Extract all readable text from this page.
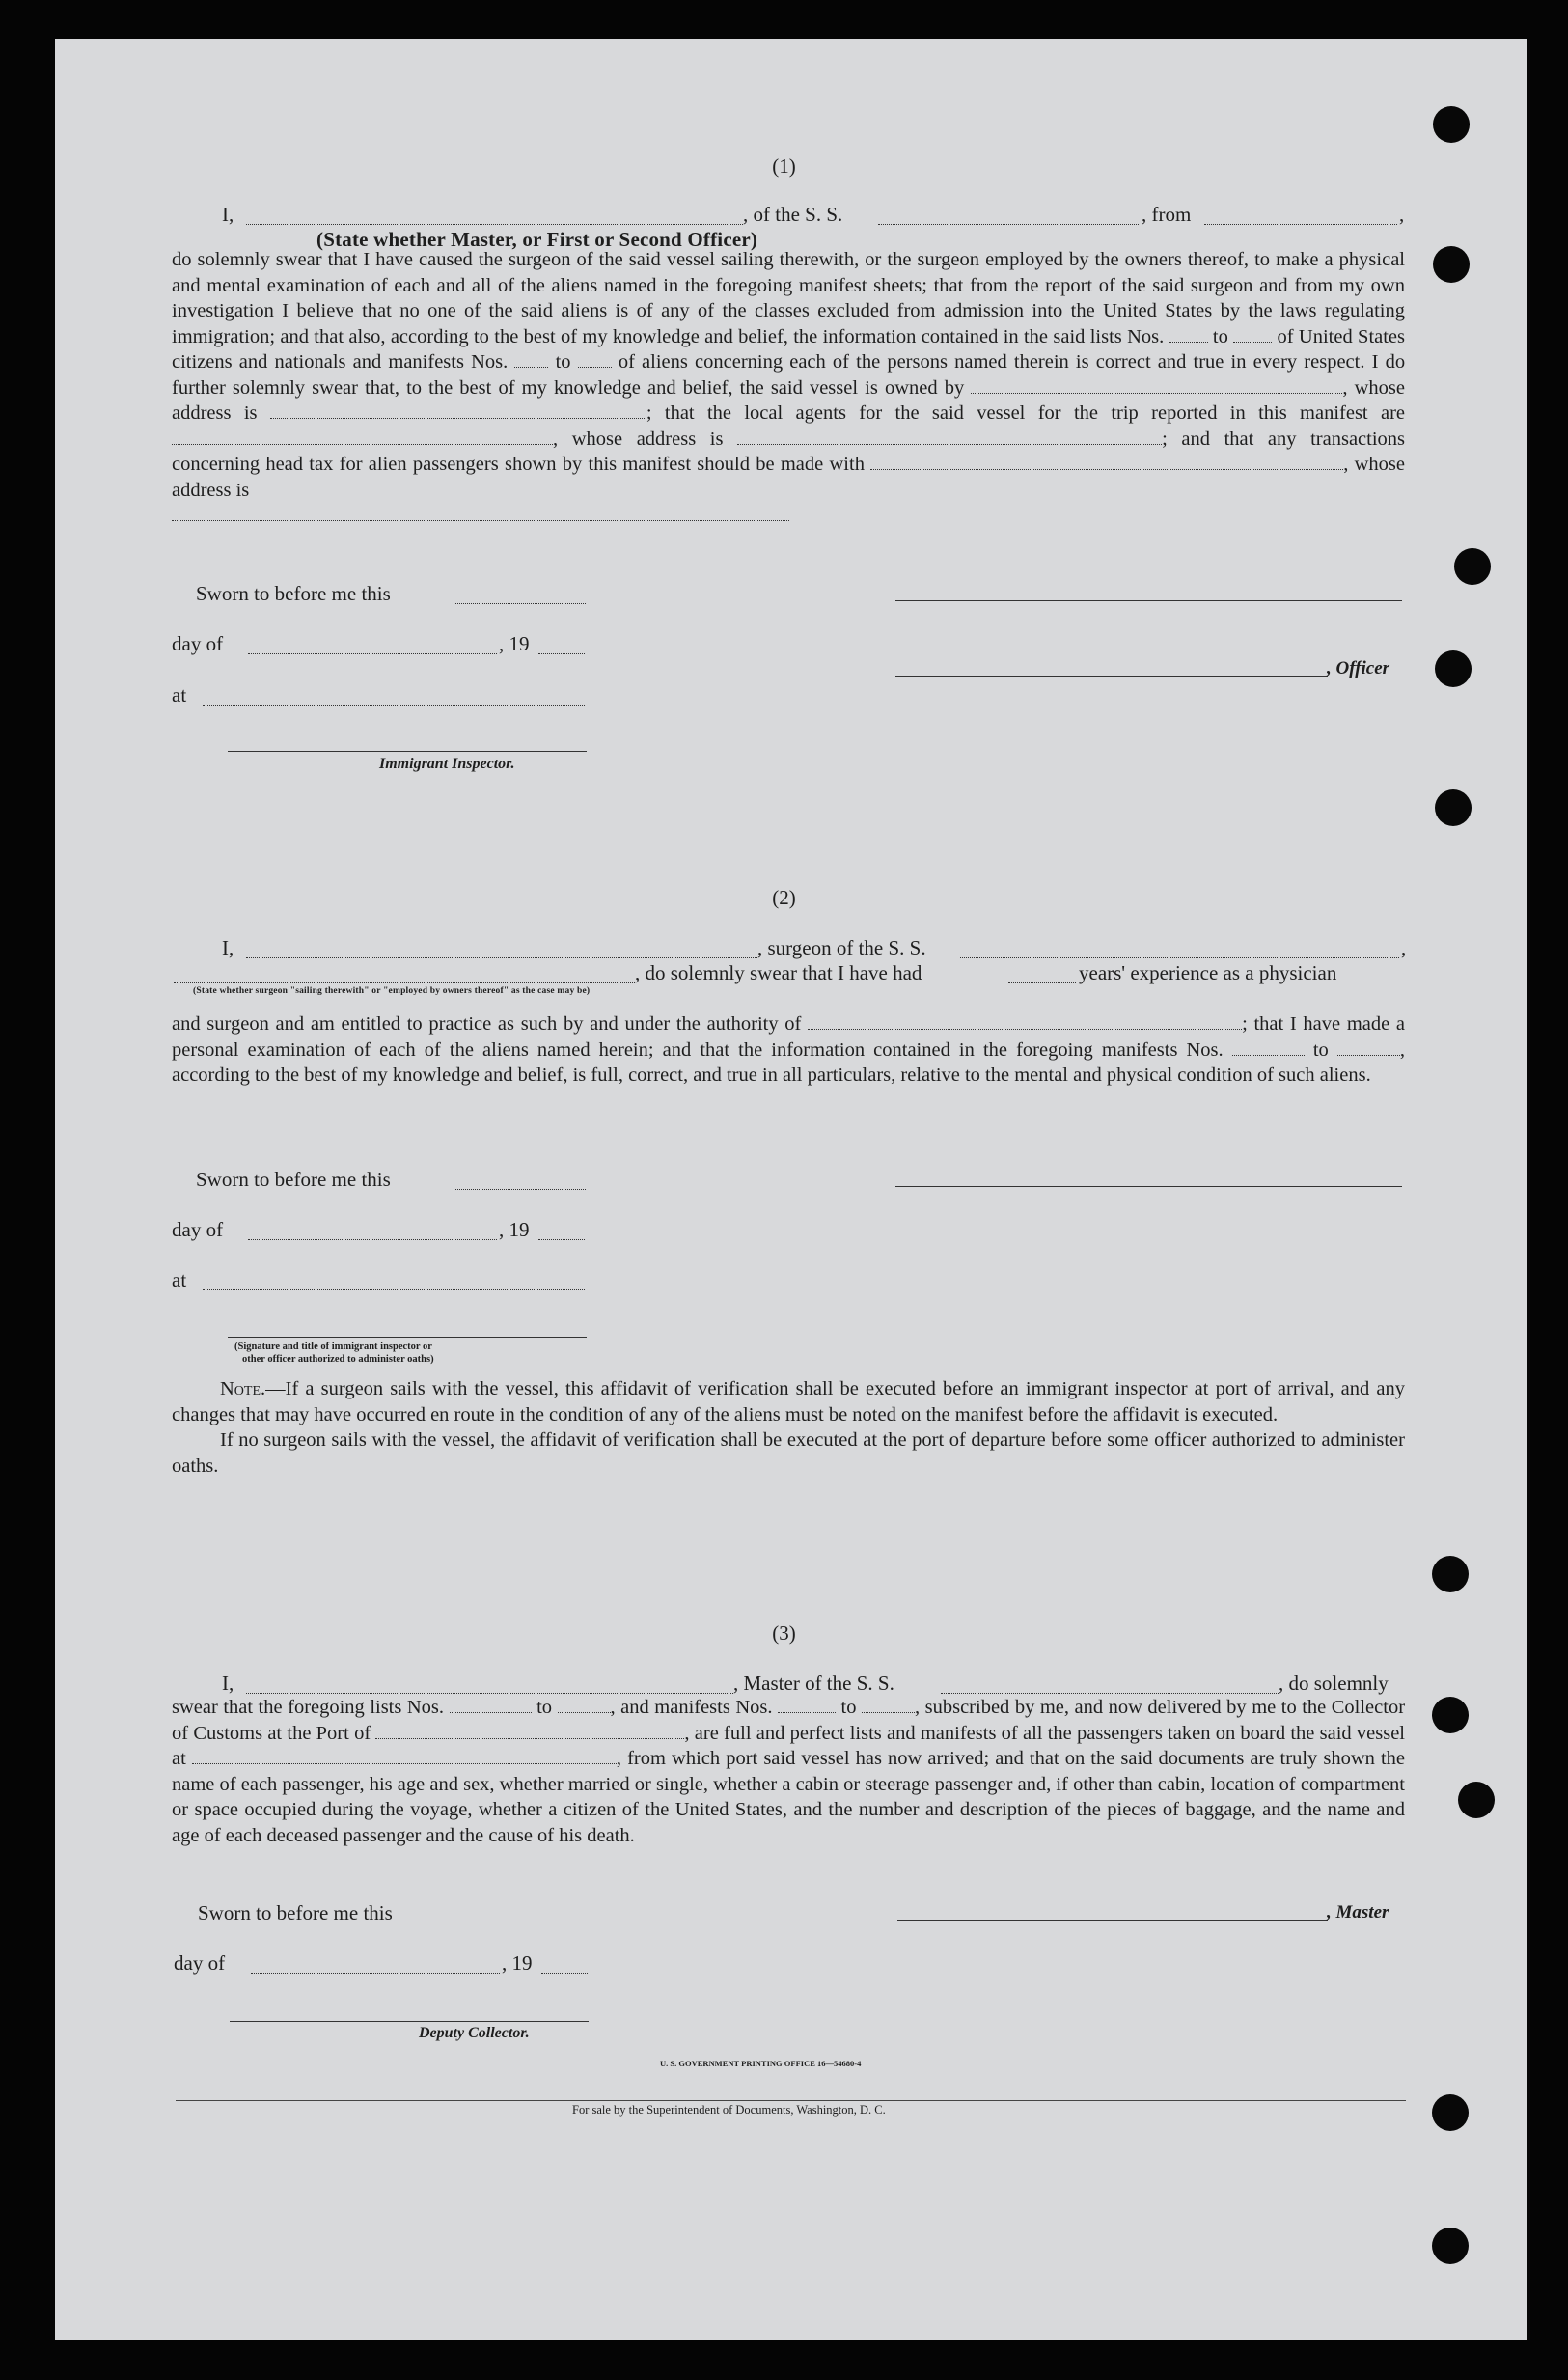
(1)
I,	, of the S. S.	, from	,
(State whether Master, or First or Second Officer)
do solemnly swear that I have caused the surgeon of the said vessel sailing therewith, or the surgeon employed by the owners thereof, to make a physical and mental examination of each and all of the aliens named in the foregoing manifest sheets; that from the report of the said surgeon and from my own investigation I believe that no one of the said aliens is of any of the classes excluded from admission into the United States by the laws regulating immigration; and that also, according to the best of my knowledge and belief, the information contained in the said lists Nos. to of United States citizens and nationals and manifests Nos. to of aliens concerning each of the persons named therein is correct and true in every respect. I do further solemnly swear that, to the best of my knowledge and belief, the said vessel is owned by	, whose address is	; that the local agents for the said vessel for the trip reported in this manifest are , whose address is	; and that any transactions concerning head tax for alien passengers shown by this manifest should be made with	, whose address is

Sworn to before me this
day of	, 19
, Officer
at
Immigrant Inspector.
(2)
I,	, surgeon of the S. S.	,
, do solemnly swear that I have had	years' experience as a physician
(State whether surgeon "sailing therewith" or "employed by owners thereof" as the case may be)
and surgeon and am entitled to practice as such by and under the authority of	; that I have made a personal examination of each of the aliens named herein; and that the information contained in the foregoing manifests Nos.	to	, according to the best of my knowledge and belief, is full, correct, and true in all particulars, relative to the mental and physical condition of such aliens.
Sworn to before me this
day of	, 19
at
(Signature and title of immigrant inspector or
other officer authorized to administer oaths)
Note.—If a surgeon sails with the vessel, this affidavit of verification shall be executed before an immigrant inspector at port of arrival, and any changes that may have occurred en route in the condition of any of the aliens must be noted on the manifest before the affidavit is executed.
If no surgeon sails with the vessel, the affidavit of verification shall be executed at the port of departure before some officer authorized to administer oaths.
(3)
I,	, Master of the S. S.	, do solemnly
swear that the foregoing lists Nos.	to	, and manifests Nos.	to	, subscribed by me, and now delivered by me to the Collector of Customs at the Port of	, are full and perfect lists and manifests of all the passengers taken on board the said vessel at	, from which port said vessel has now arrived; and that on the said documents are truly shown the name of each passenger, his age and sex, whether married or single, whether a cabin or steerage passenger and, if other than cabin, location of compartment or space occupied during the voyage, whether a citizen of the United States, and the number and description of the pieces of baggage, and the name and age of each deceased passenger and the cause of his death.
Sworn to before me this	, Master
day of	, 19
Deputy Collector.
U. S. GOVERNMENT PRINTING OFFICE 16—54680-4
For sale by the Superintendent of Documents, Washington, D. C.
